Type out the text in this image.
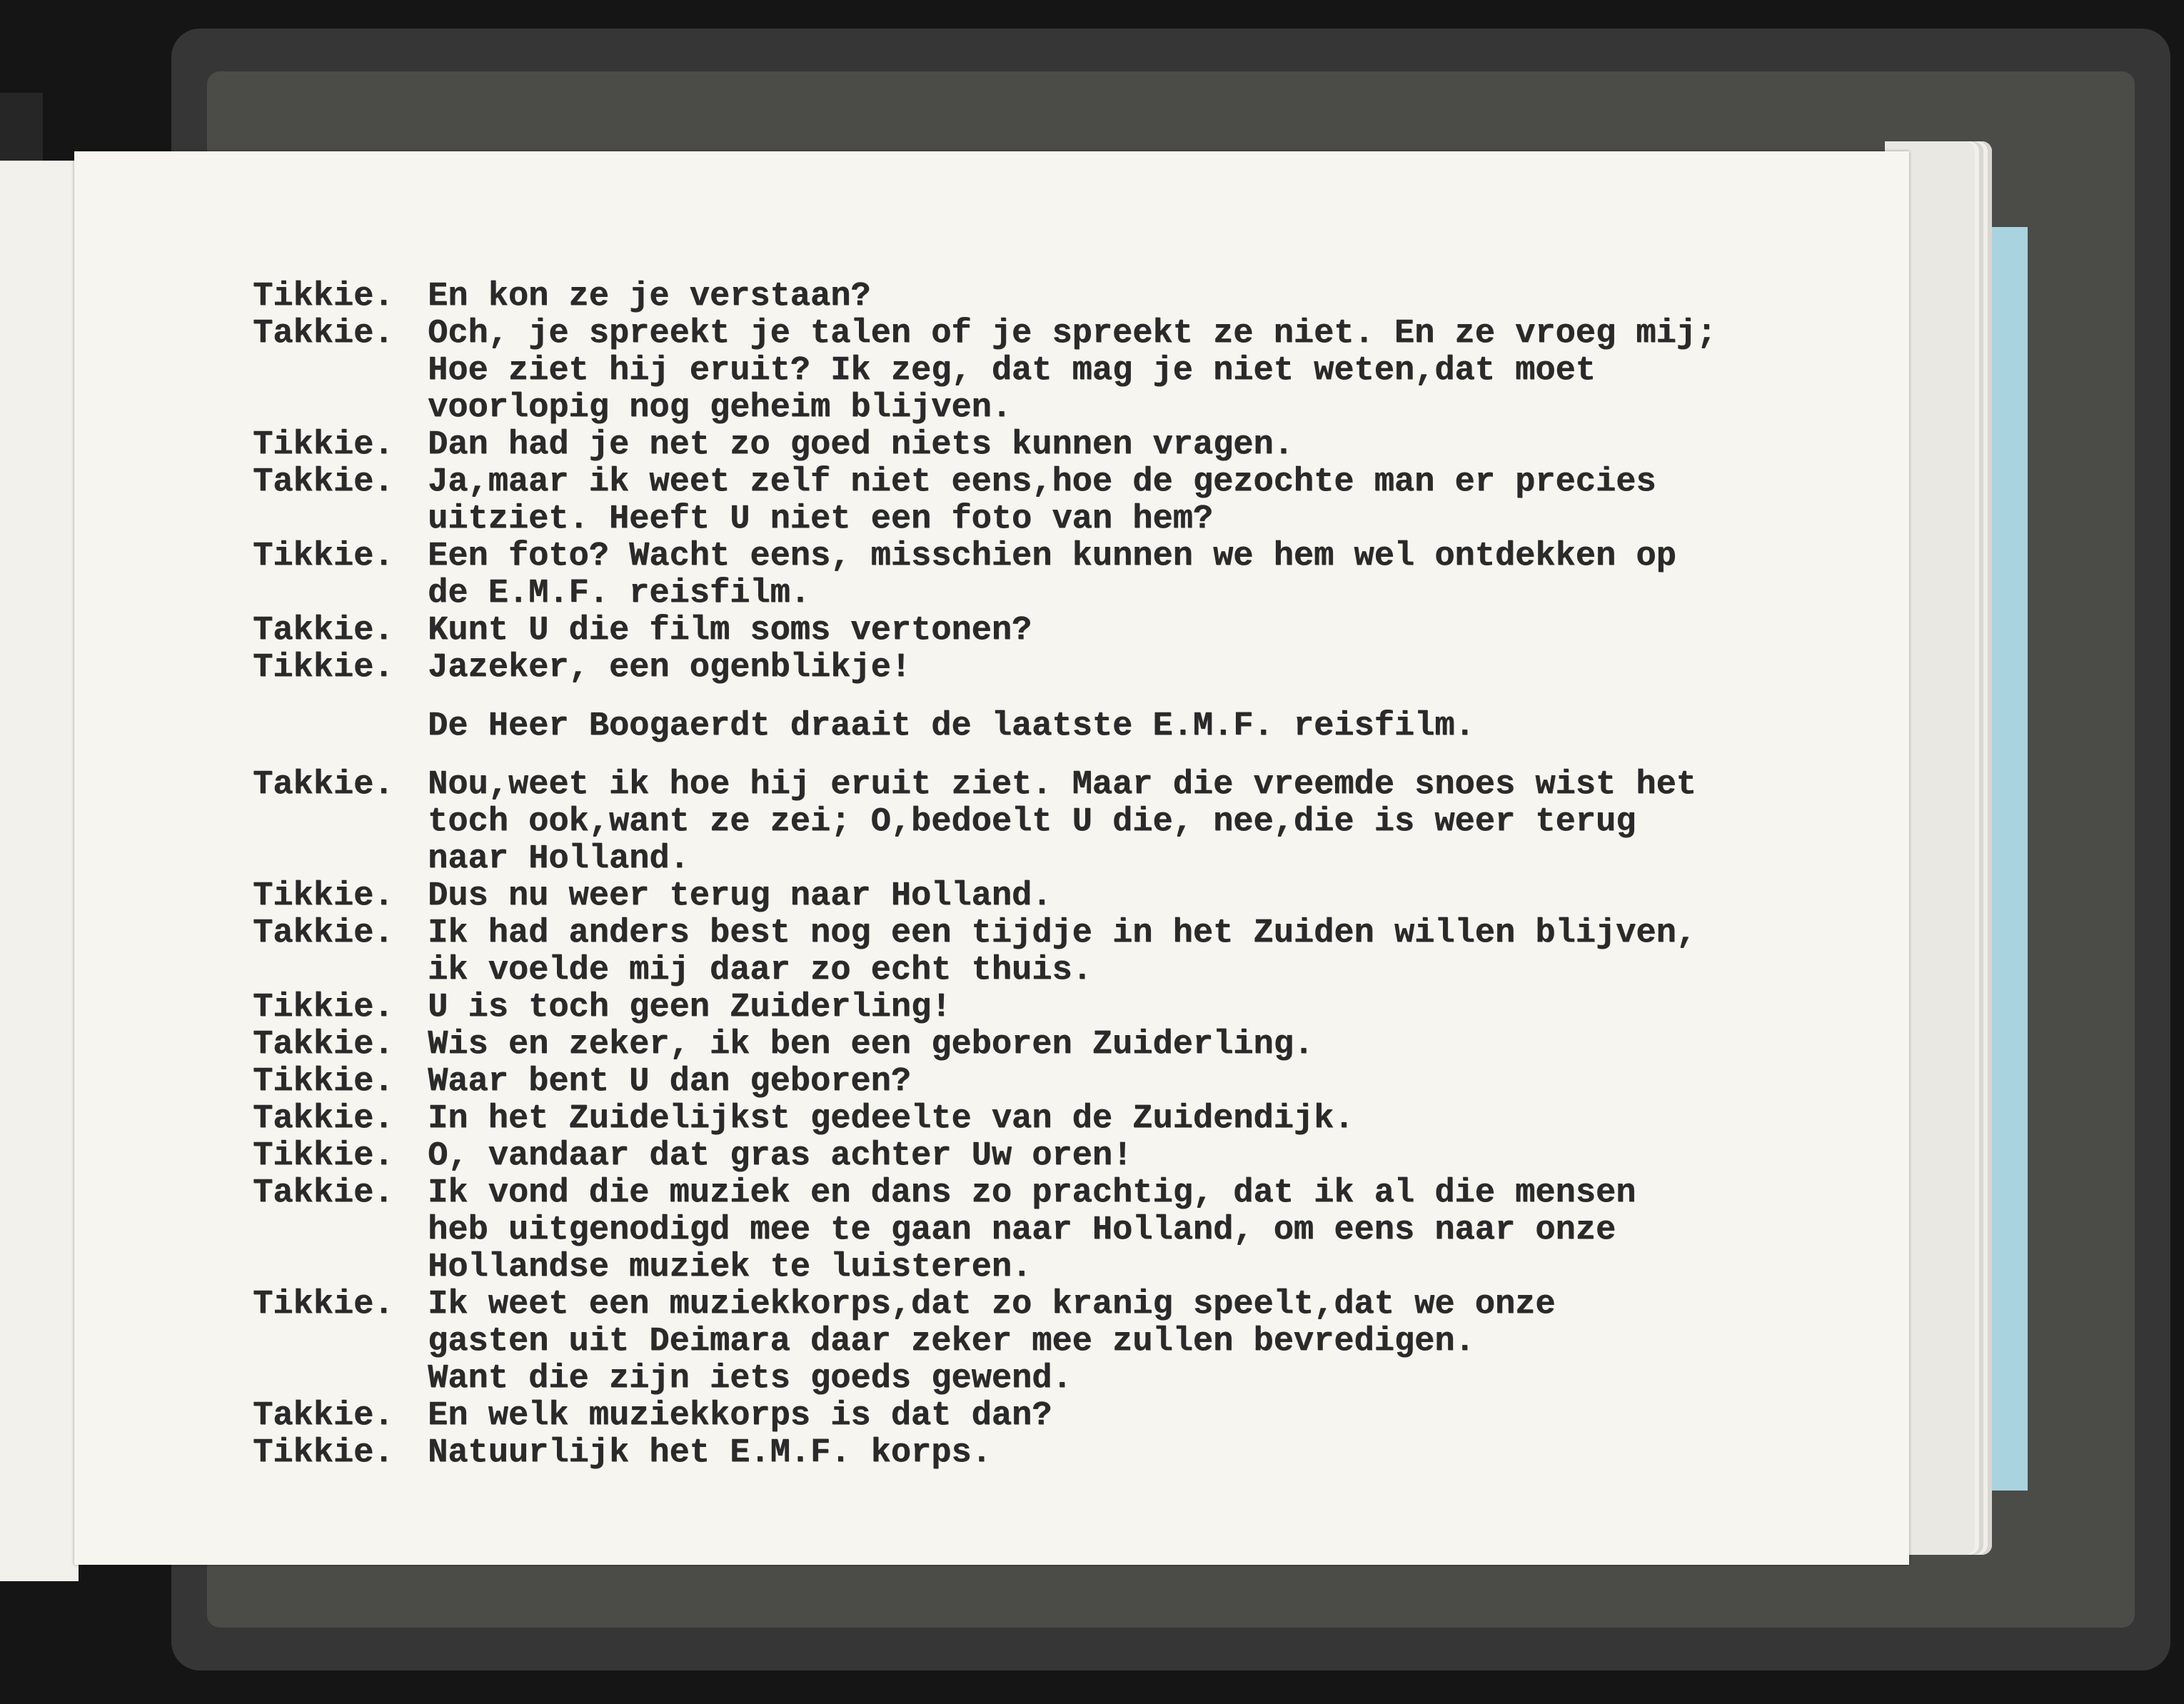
Tikkie.	En kon ze je verstaan?
Takkie.	Och, je spreekt je talen of je spreekt ze niet. En ze vroeg mij;
Hoe ziet hij eruit? Ik zeg, dat mag je niet weten,dat moet
voorlopig nog geheim blijven.
Tikkie.	Dan had je net zo goed niets kunnen vragen.
Takkie.	Ja,maar ik weet zelf niet eens,hoe de gezochte man er precies
uitziet. Heeft U niet een foto van hem?
Tikkie.	Een foto? Wacht eens, misschien kunnen we hem wel ontdekken op
de E.M.F. reisfilm.
Takkie.	Kunt U die film soms vertonen?
Tikkie.	Jazeker, een ogenblikje!
De Heer Boogaerdt draait de laatste E.M.F. reisfilm.
Takkie.	Nou,weet ik hoe hij eruit ziet. Maar die vreemde snoes wist het
toch ook,want ze zei; O,bedoelt U die, nee,die is weer terug
naar Holland.
Tikkie.	Dus nu weer terug naar Holland.
Takkie.	Ik had anders best nog een tijdje in het Zuiden willen blijven,
ik voelde mij daar zo echt thuis.
Tikkie.	U is toch geen Zuiderling!
Takkie.	Wis en zeker, ik ben een geboren Zuiderling.
Tikkie.	Waar bent U dan geboren?
Takkie.	In het Zuidelijkst gedeelte van de Zuidendijk.
Tikkie.	O, vandaar dat gras achter Uw oren!
Takkie.	Ik vond die muziek en dans zo prachtig, dat ik al die mensen
heb uitgenodigd mee te gaan naar Holland, om eens naar onze
Hollandse muziek te luisteren.
Tikkie.	Ik weet een muziekkorps,dat zo kranig speelt,dat we onze
gasten uit Deimara daar zeker mee zullen bevredigen.
Want die zijn iets goeds gewend.
Takkie.	En welk muziekkorps is dat dan?
Tikkie.	Natuurlijk het E.M.F. korps.
